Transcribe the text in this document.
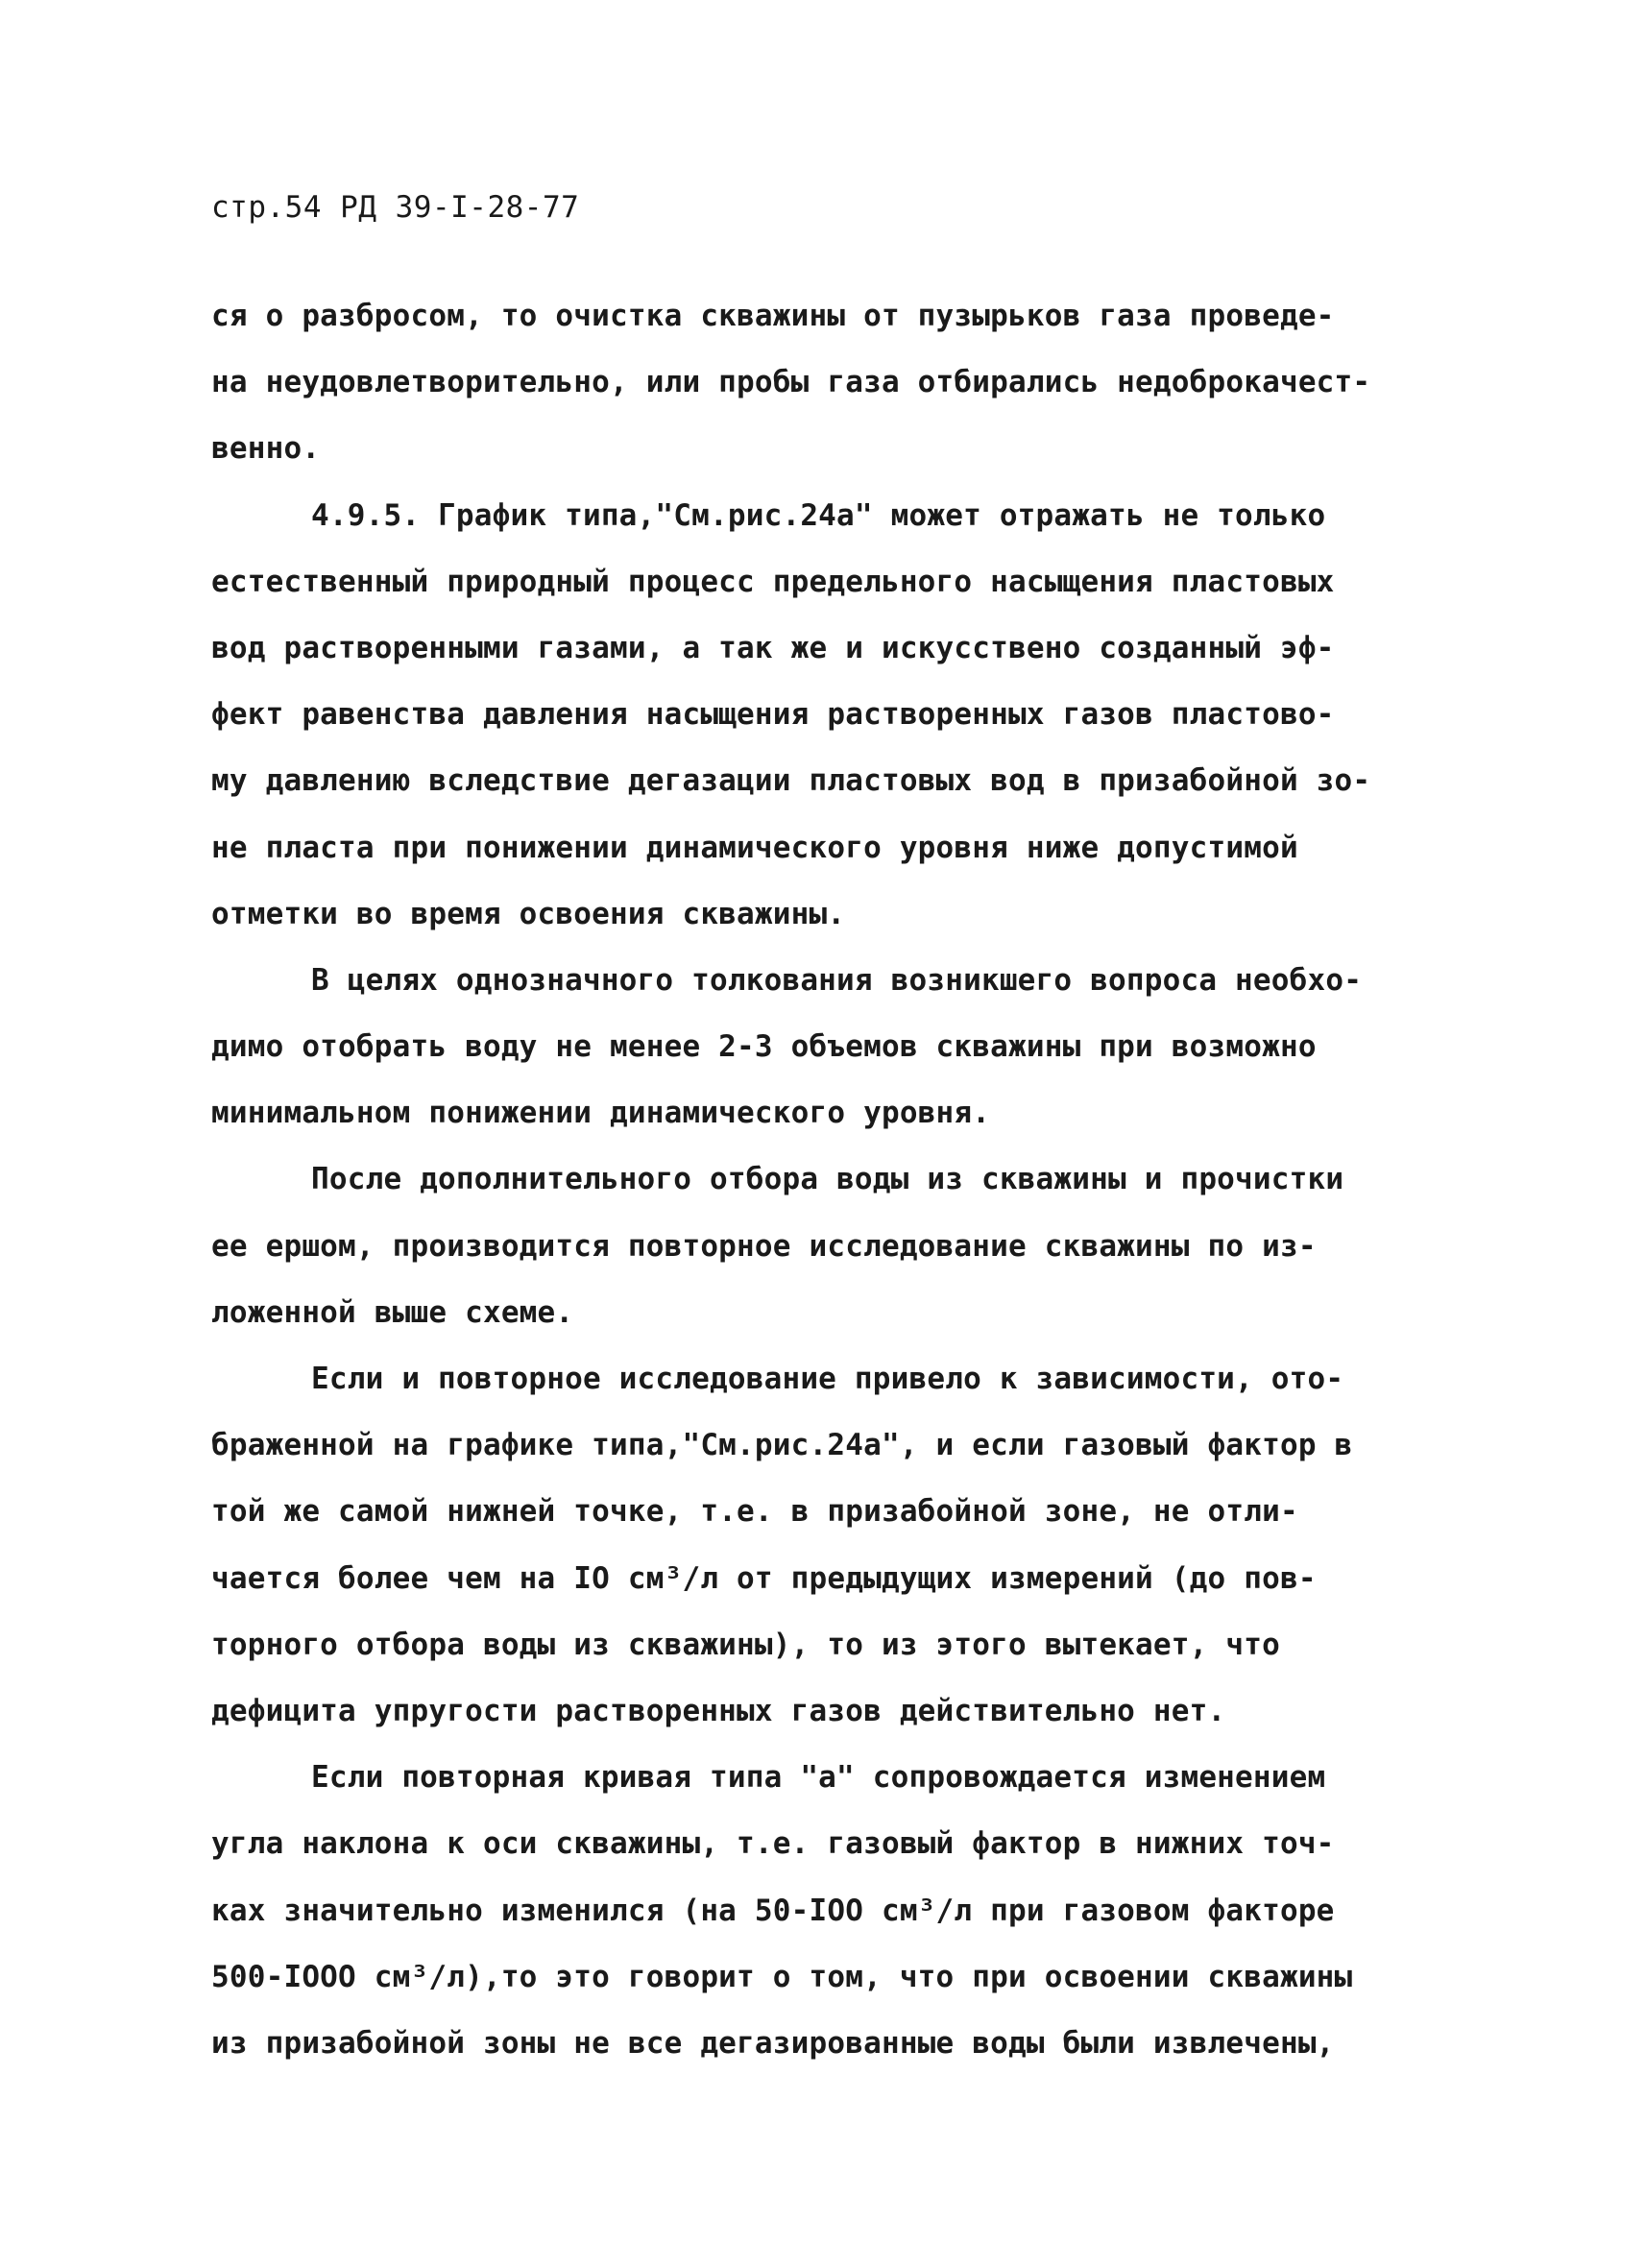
стр.54 РД 39-I-28-77
ся о разбросом, то очистка скважины от пузырьков газа проведе-
на неудовлетворительно, или пробы газа отбирались недоброкачест-
венно.
4.9.5. График типа,"См.рис.24а" может отражать не только
естественный природный процесс предельного насыщения пластовых
вод растворенными газами, а так же и искусствено созданный эф-
фект равенства давления насыщения растворенных газов пластово-
му давлению вследствие дегазации пластовых вод в призабойной зо-
не пласта при понижении динамического уровня ниже допустимой
отметки во время освоения скважины.
В целях однозначного толкования возникшего вопроса необхо-
димо отобрать воду не менее 2-3 объемов скважины при возможно
минимальном понижении динамического уровня.
После дополнительного отбора воды из скважины и прочистки
ее ершом, производится повторное исследование скважины по из-
ложенной выше схеме.
Если и повторное исследование привело к зависимости, ото-
браженной на графике типа,"См.рис.24а", и если газовый фактор в
той же самой нижней точке, т.е. в призабойной зоне, не отли-
чается более чем на IO см³/л от предыдущих измерений (до пов-
торного отбора воды из скважины), то из этого вытекает, что
дефицита упругости растворенных газов действительно нет.
Если повторная кривая типа "а" сопровождается изменением
угла наклона к оси скважины, т.е. газовый фактор в нижних точ-
ках значительно изменился (на 50-IOO см³/л при газовом факторе
500-IOOO см³/л),то это говорит о том, что при освоении скважины
из призабойной зоны не все дегазированные воды были извлечены,
